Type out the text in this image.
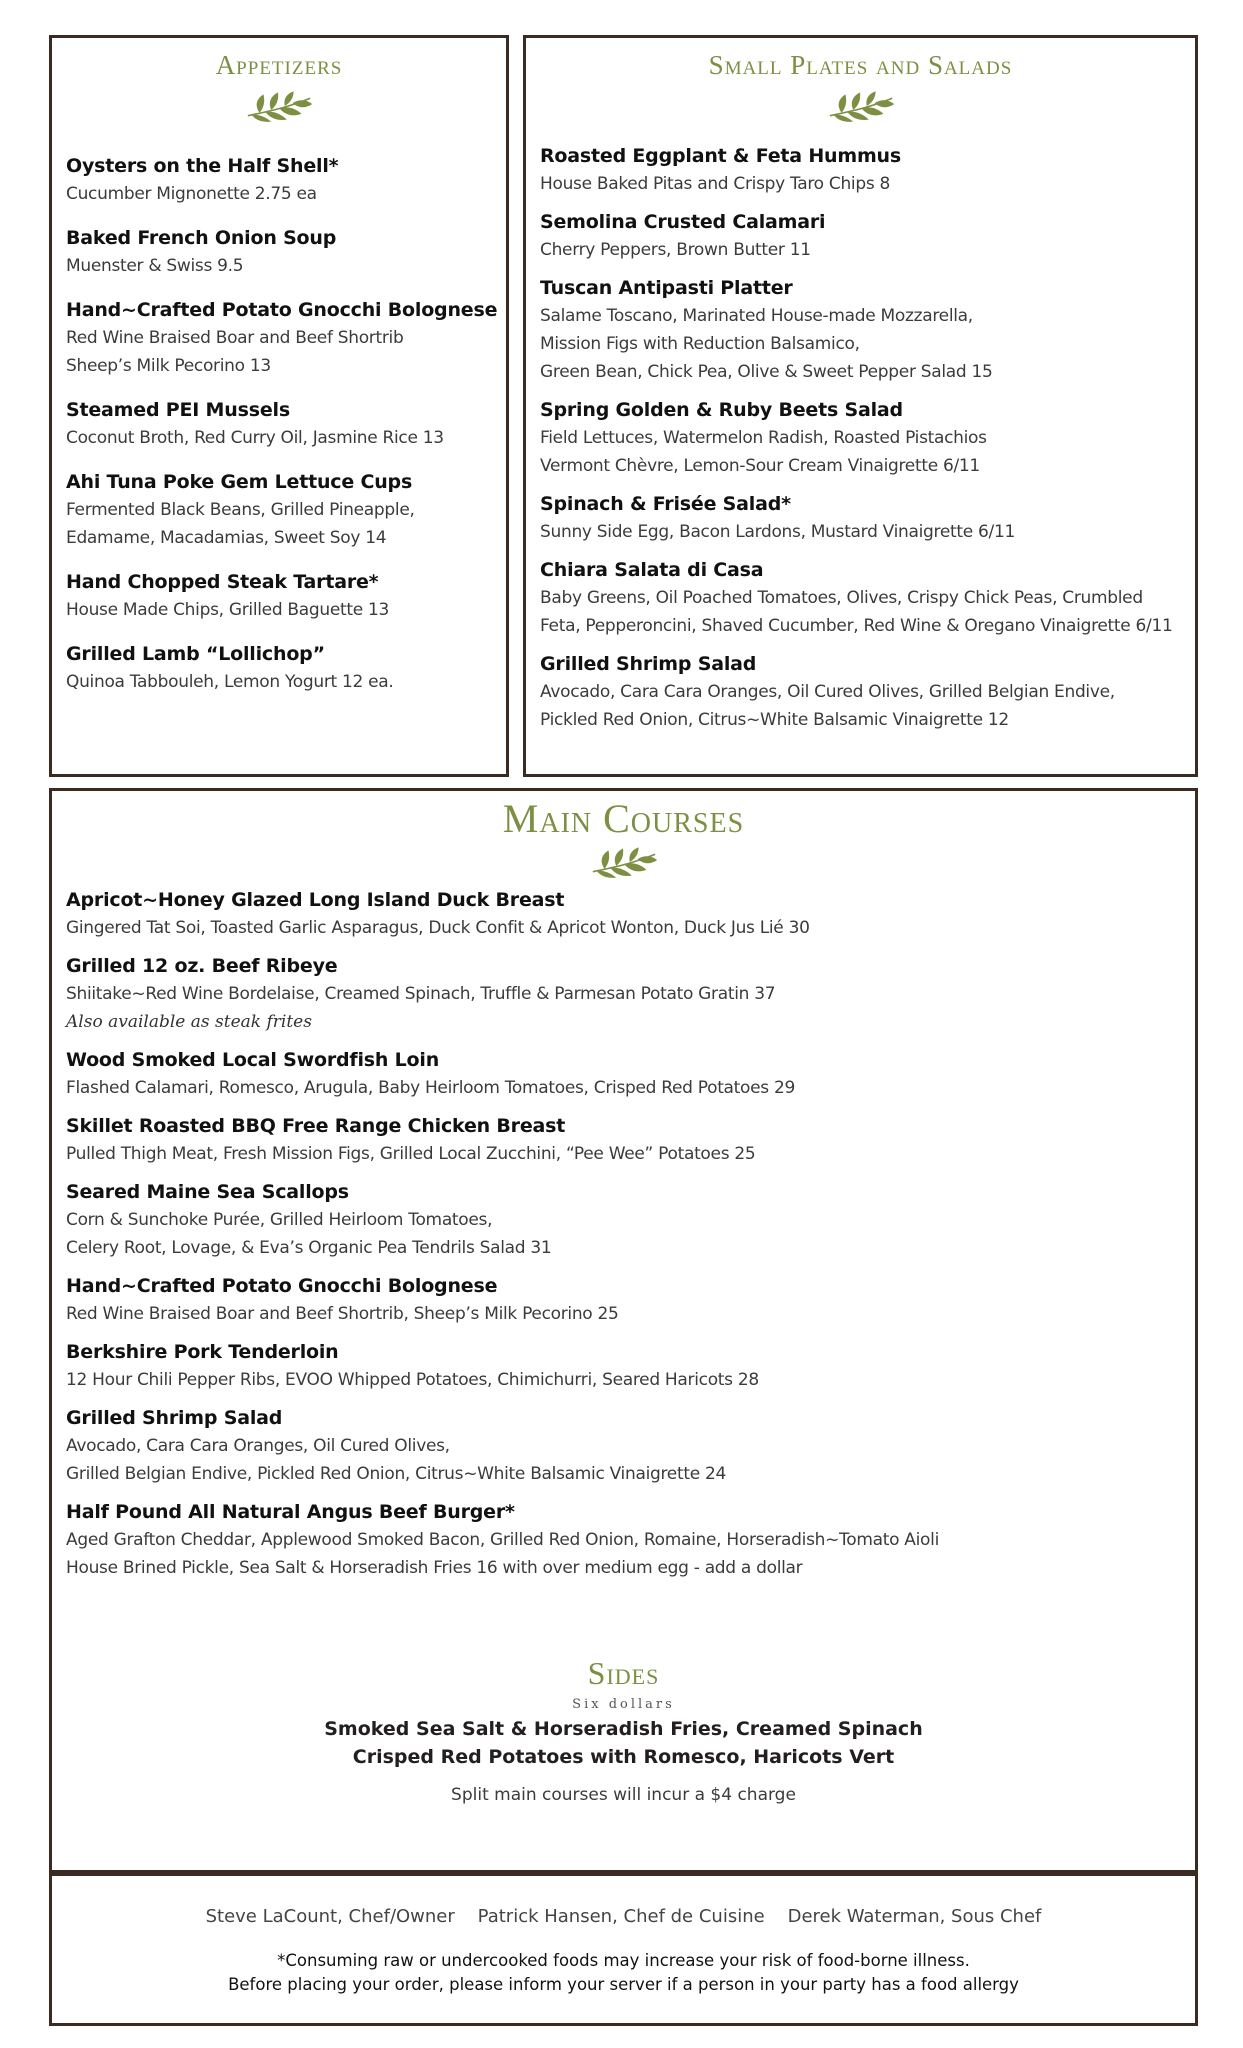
Appetizers
Oysters on the Half Shell*
Cucumber Mignonette 2.75 ea
Baked French Onion Soup
Muenster & Swiss 9.5
Hand~Crafted Potato Gnocchi Bolognese
Red Wine Braised Boar and Beef Shortrib
Sheep’s Milk Pecorino 13
Steamed PEI Mussels
Coconut Broth, Red Curry Oil, Jasmine Rice 13
Ahi Tuna Poke Gem Lettuce Cups
Fermented Black Beans, Grilled Pineapple,
Edamame, Macadamias, Sweet Soy 14
Hand Chopped Steak Tartare*
House Made Chips, Grilled Baguette 13
Grilled Lamb “Lollichop”
Quinoa Tabbouleh, Lemon Yogurt 12 ea.
Small Plates and Salads
Roasted Eggplant & Feta Hummus
House Baked Pitas and Crispy Taro Chips 8
Semolina Crusted Calamari
Cherry Peppers, Brown Butter 11
Tuscan Antipasti Platter
Salame Toscano, Marinated House-made Mozzarella,
Mission Figs with Reduction Balsamico,
Green Bean, Chick Pea, Olive & Sweet Pepper Salad 15
Spring Golden & Ruby Beets Salad
Field Lettuces, Watermelon Radish, Roasted Pistachios
Vermont Chèvre, Lemon-Sour Cream Vinaigrette 6/11
Spinach & Frisée Salad*
Sunny Side Egg, Bacon Lardons, Mustard Vinaigrette 6/11
Chiara Salata di Casa
Baby Greens, Oil Poached Tomatoes, Olives, Crispy Chick Peas, Crumbled
Feta, Pepperoncini, Shaved Cucumber, Red Wine & Oregano Vinaigrette 6/11
Grilled Shrimp Salad
Avocado, Cara Cara Oranges, Oil Cured Olives, Grilled Belgian Endive,
Pickled Red Onion, Citrus~White Balsamic Vinaigrette 12
Main Courses
Apricot~Honey Glazed Long Island Duck Breast
Gingered Tat Soi, Toasted Garlic Asparagus, Duck Confit & Apricot Wonton, Duck Jus Lié 30
Grilled 12 oz. Beef Ribeye
Shiitake~Red Wine Bordelaise, Creamed Spinach, Truffle & Parmesan Potato Gratin 37
Also available as steak frites
Wood Smoked Local Swordfish Loin
Flashed Calamari, Romesco, Arugula, Baby Heirloom Tomatoes, Crisped Red Potatoes 29
Skillet Roasted BBQ Free Range Chicken Breast
Pulled Thigh Meat, Fresh Mission Figs, Grilled Local Zucchini, “Pee Wee” Potatoes 25
Seared Maine Sea Scallops
Corn & Sunchoke Purée, Grilled Heirloom Tomatoes,
Celery Root, Lovage, & Eva’s Organic Pea Tendrils Salad 31
Hand~Crafted Potato Gnocchi Bolognese
Red Wine Braised Boar and Beef Shortrib, Sheep’s Milk Pecorino 25
Berkshire Pork Tenderloin
12 Hour Chili Pepper Ribs, EVOO Whipped Potatoes, Chimichurri, Seared Haricots 28
Grilled Shrimp Salad
Avocado, Cara Cara Oranges, Oil Cured Olives,
Grilled Belgian Endive, Pickled Red Onion, Citrus~White Balsamic Vinaigrette 24
Half Pound All Natural Angus Beef Burger*
Aged Grafton Cheddar, Applewood Smoked Bacon, Grilled Red Onion, Romaine, Horseradish~Tomato Aioli
House Brined Pickle, Sea Salt & Horseradish Fries 16 with over medium egg - add a dollar
Sides
Six dollars
Smoked Sea Salt & Horseradish Fries, Creamed Spinach
Crisped Red Potatoes with Romesco, Haricots Vert
Split main courses will incur a $4 charge
Steve LaCount, Chef/Owner    Patrick Hansen, Chef de Cuisine    Derek Waterman, Sous Chef
*Consuming raw or undercooked foods may increase your risk of food-borne illness.
Before placing your order, please inform your server if a person in your party has a food allergy
